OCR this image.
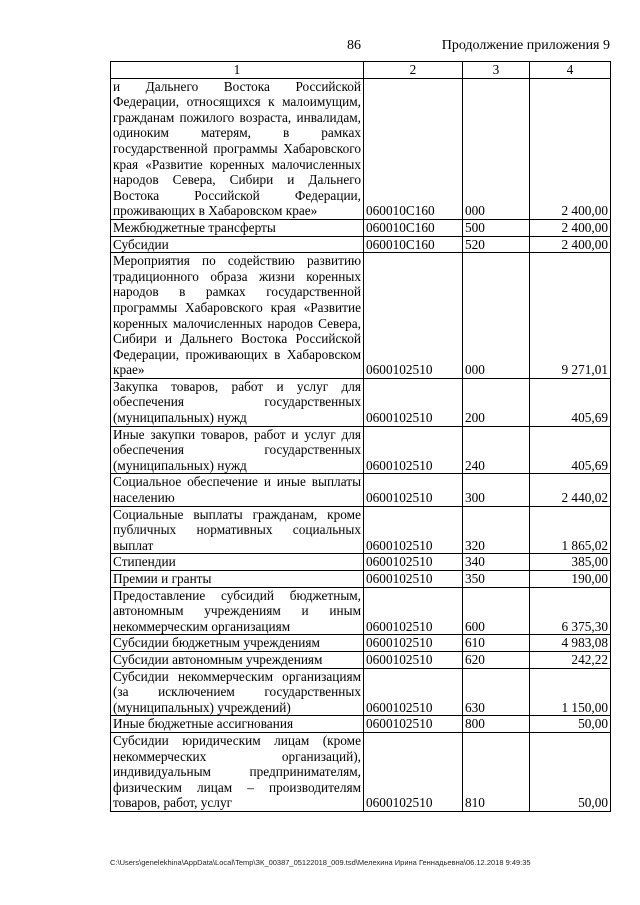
86	Продолжение приложения 9
1	2	3	4
и Дальнего Востока Российской Федерации, относящихся к малоимущим, гражданам пожилого возраста, инвалидам, одиноким матерям, в рамках государственной программы Хабаровского края «Развитие коренных малочисленных народов Севера, Сибири и Дальнего Востока Российской Федерации, проживающих в Хабаровском крае»	060010С160	000	2 400,00
Межбюджетные трансферты	060010С160	500	2 400,00
Субсидии	060010С160	520	2 400,00
Мероприятия по содействию развитию традиционного образа жизни коренных народов в рамках государственной программы Хабаровского края «Развитие коренных малочисленных народов Севера, Сибири и Дальнего Востока Российской Федерации, проживающих в Хабаровском крае»	0600102510	000	9 271,01
Закупка товаров, работ и услуг для обеспечения государственных (муниципальных) нужд	0600102510	200	405,69
Иные закупки товаров, работ и услуг для обеспечения государственных (муниципальных) нужд	0600102510	240	405,69
Социальное обеспечение и иные выплаты населению	0600102510	300	2 440,02
Социальные выплаты гражданам, кроме публичных нормативных социальных выплат	0600102510	320	1 865,02
Стипендии	0600102510	340	385,00
Премии и гранты	0600102510	350	190,00
Предоставление субсидий бюджетным, автономным учреждениям и иным некоммерческим организациям	0600102510	600	6 375,30
Субсидии бюджетным учреждениям	0600102510	610	4 983,08
Субсидии автономным учреждениям	0600102510	620	242,22
Субсидии некоммерческим организациям (за исключением государственных (муниципальных) учреждений)	0600102510	630	1 150,00
Иные бюджетные ассигнования	0600102510	800	50,00
Субсидии юридическим лицам (кроме некоммерческих организаций), индивидуальным предпринимателям, физическим лицам – производителям товаров, работ, услуг	0600102510	810	50,00
C:\Users\genelekhina\AppData\Local\Temp\ЗК_00387_05122018_009.tsd\Мелехина Ирина Геннадьевна\06.12.2018 9:49:35
